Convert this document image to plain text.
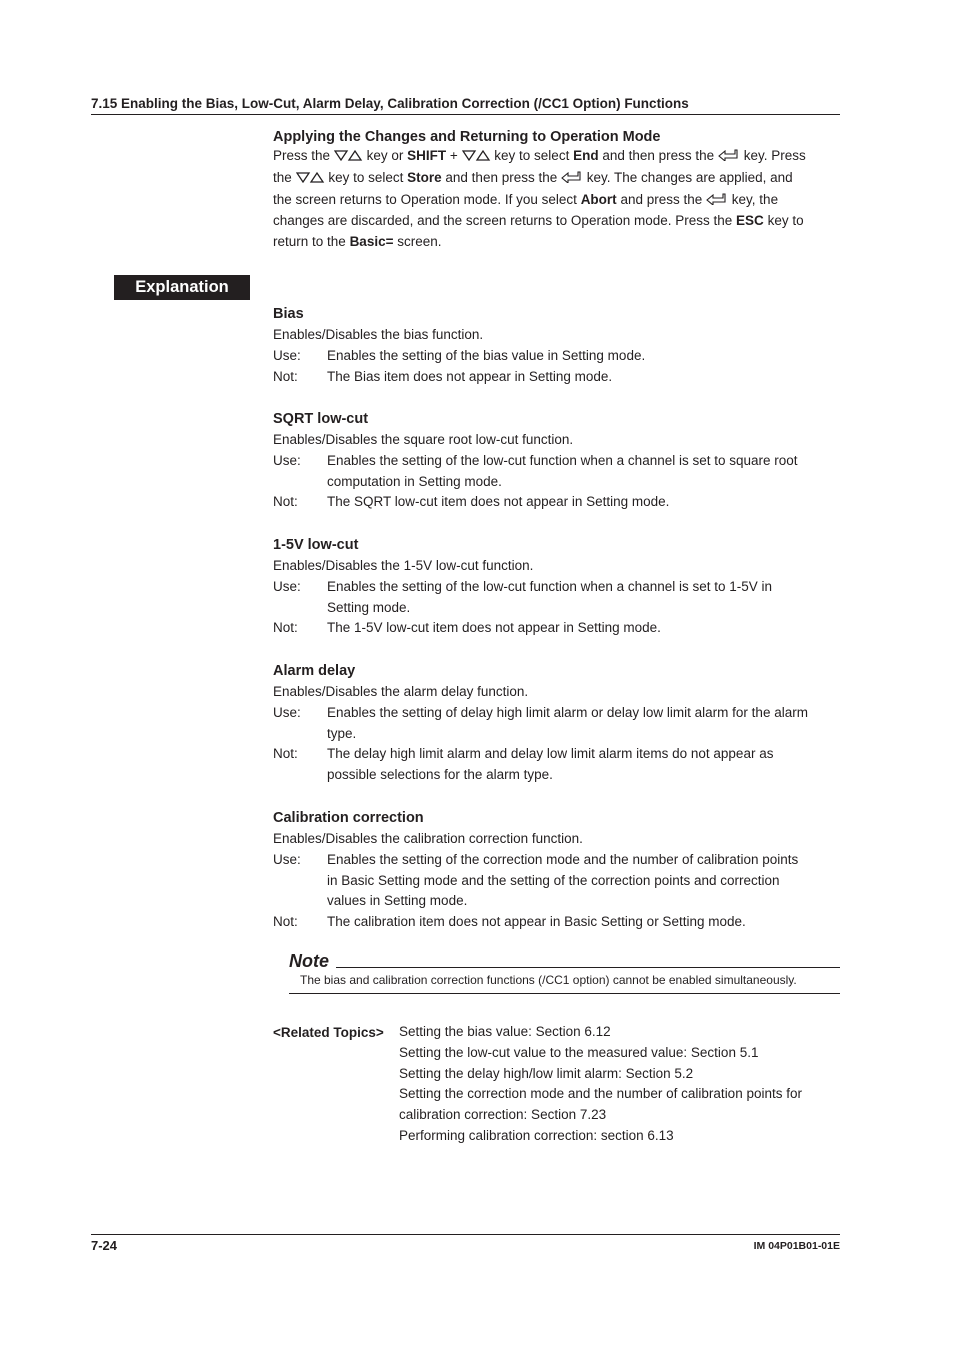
7.15 Enabling the Bias, Low-Cut, Alarm Delay, Calibration Correction (/CC1 Option) Functions
Applying the Changes and Returning to Operation Mode
Press the	key or SHIFT +	key to select End and then press the key. Press
the	key to select Store and then press the key. The changes are applied, and
the screen returns to Operation mode. If you select Abort and press the key, the
changes are discarded, and the screen returns to Operation mode. Press the ESC key to
return to the Basic= screen.
Explanation
Bias
Enables/Disables the bias function.
Use: Enables the setting of the bias value in Setting mode.
Not: The Bias item does not appear in Setting mode.
SQRT low-cut
Enables/Disables the square root low-cut function.
Use: Enables the setting of the low-cut function when a channel is set to square root
computation in Setting mode.
Not: The SQRT low-cut item does not appear in Setting mode.
1-5V low-cut
Enables/Disables the 1-5V low-cut function.
Use: Enables the setting of the low-cut function when a channel is set to 1-5V in
Setting mode.
Not: The 1-5V low-cut item does not appear in Setting mode.
Alarm delay
Enables/Disables the alarm delay function.
Use: Enables the setting of delay high limit alarm or delay low limit alarm for the alarm
type.
Not: The delay high limit alarm and delay low limit alarm items do not appear as
possible selections for the alarm type.
Calibration correction
Enables/Disables the calibration correction function.
Use: Enables the setting of the correction mode and the number of calibration points
in Basic Setting mode and the setting of the correction points and correction
values in Setting mode.
Not: The calibration item does not appear in Basic Setting or Setting mode.
Note
The bias and calibration correction functions (/CC1 option) cannot be enabled simultaneously.
<Related Topics> Setting the bias value: Section 6.12
Setting the low-cut value to the measured value: Section 5.1
Setting the delay high/low limit alarm: Section 5.2
Setting the correction mode and the number of calibration points for
calibration correction: Section 7.23
Performing calibration correction: section 6.13
7-24	IM 04P01B01-01E
